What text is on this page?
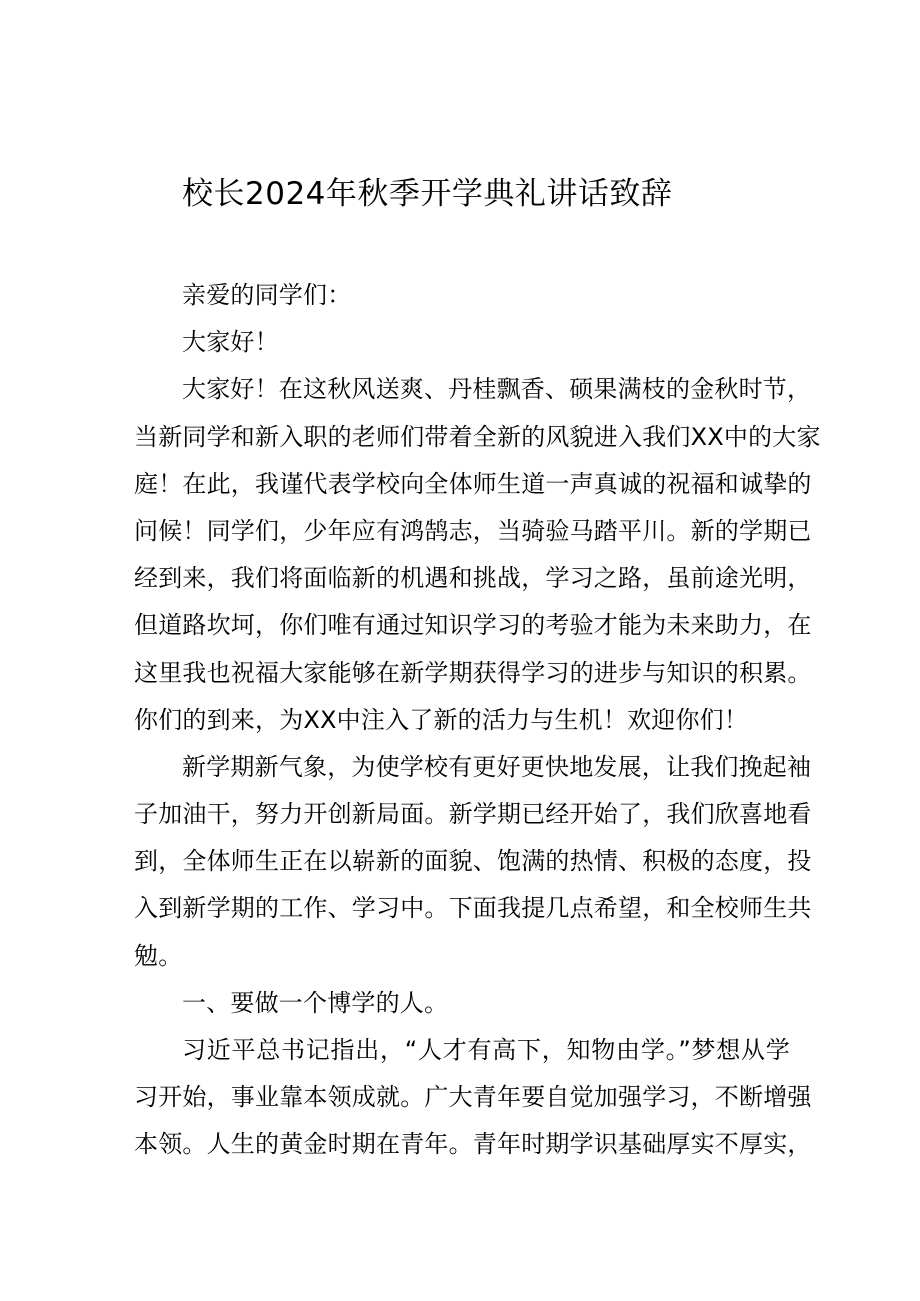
校长2024年秋季开学典礼讲话致辞

亲爱的同学们：

大家好！

大家好！在这秋风送爽、丹桂飘香、硕果满枝的金秋时节，
当新同学和新入职的老师们带着全新的风貌进入我们XX中的大家
庭！在此，我谨代表学校向全体师生道一声真诚的祝福和诚挚的
问候！同学们，少年应有鸿鹄志，当骑验马踏平川。新的学期已
经到来，我们将面临新的机遇和挑战，学习之路，虽前途光明，
但道路坎坷，你们唯有通过知识学习的考验才能为未来助力，在
这里我也祝福大家能够在新学期获得学习的进步与知识的积累。
你们的到来，为XX中注入了新的活力与生机！欢迎你们！

新学期新气象，为使学校有更好更快地发展，让我们挽起袖
子加油干，努力开创新局面。新学期已经开始了，我们欣喜地看
到，全体师生正在以崭新的面貌、饱满的热情、积极的态度，投
入到新学期的工作、学习中。下面我提几点希望，和全校师生共
勉。

一、要做一个博学的人。

习近平总书记指出，“人才有高下，知物由学。”梦想从学
习开始，事业靠本领成就。广大青年要自觉加强学习，不断增强
本领。人生的黄金时期在青年。青年时期学识基础厚实不厚实，
